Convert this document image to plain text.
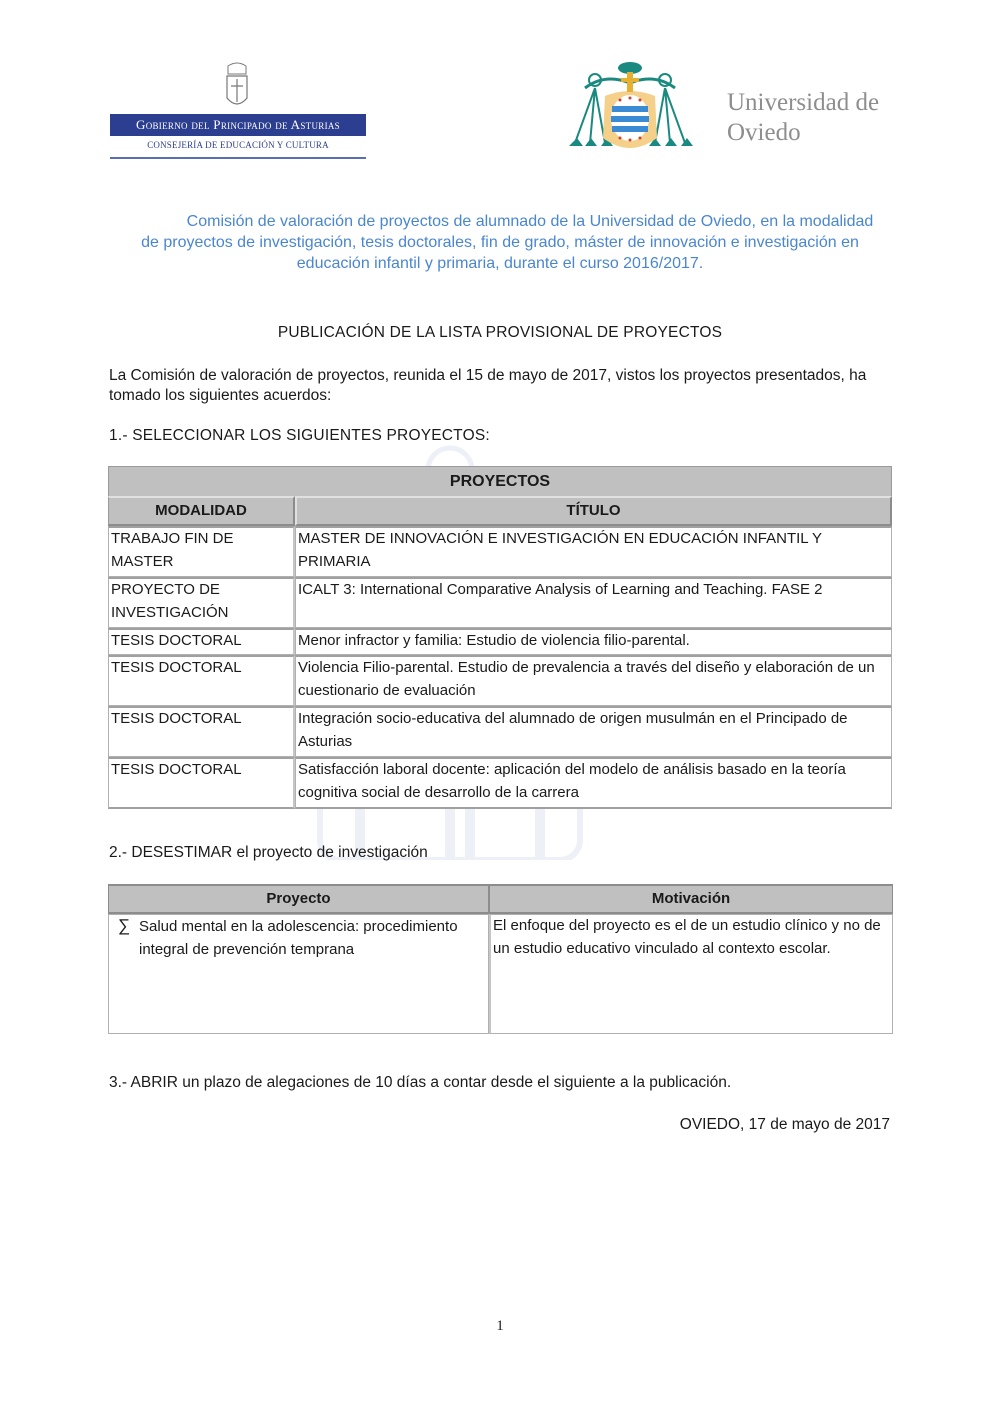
Gobierno del Principado de Asturias
CONSEJERÍA DE EDUCACIÓN Y CULTURA
Universidad de
Oviedo
Comisión de valoración de proyectos de alumnado de la Universidad de Oviedo, en la modalidad de proyectos de investigación, tesis doctorales, fin de grado, máster de innovación e investigación en educación infantil y primaria, durante el curso 2016/2017.
PUBLICACIÓN DE LA LISTA PROVISIONAL DE PROYECTOS
La Comisión de valoración de proyectos, reunida el 15 de mayo de 2017, vistos los proyectos presentados, ha tomado los siguientes acuerdos:
1.- SELECCIONAR LOS SIGUIENTES PROYECTOS:
PROYECTOS	
MODALIDAD	TÍTULO
TRABAJO FIN DE MASTER	MASTER DE INNOVACIÓN E INVESTIGACIÓN EN EDUCACIÓN INFANTIL Y PRIMARIA
PROYECTO DE INVESTIGACIÓN	ICALT 3: International Comparative Analysis of Learning and Teaching. FASE 2
TESIS DOCTORAL	Menor infractor y familia: Estudio de violencia filio-parental.
TESIS DOCTORAL	Violencia Filio-parental. Estudio de prevalencia a través del diseño y elaboración de un cuestionario de evaluación
TESIS DOCTORAL	Integración socio-educativa del alumnado de origen musulmán en el Principado de Asturias
TESIS DOCTORAL	Satisfacción laboral docente: aplicación del modelo de análisis basado en la teoría cognitiva social de desarrollo de la carrera
2.- DESESTIMAR el proyecto de investigación
Proyecto	Motivación
∑ Salud mental en la adolescencia: procedimiento integral de prevención temprana	El enfoque del proyecto es el de un estudio clínico y no de un estudio educativo vinculado al contexto escolar.
3.- ABRIR un plazo de alegaciones de 10 días a contar desde el siguiente a la publicación.
OVIEDO, 17 de mayo de 2017
1
